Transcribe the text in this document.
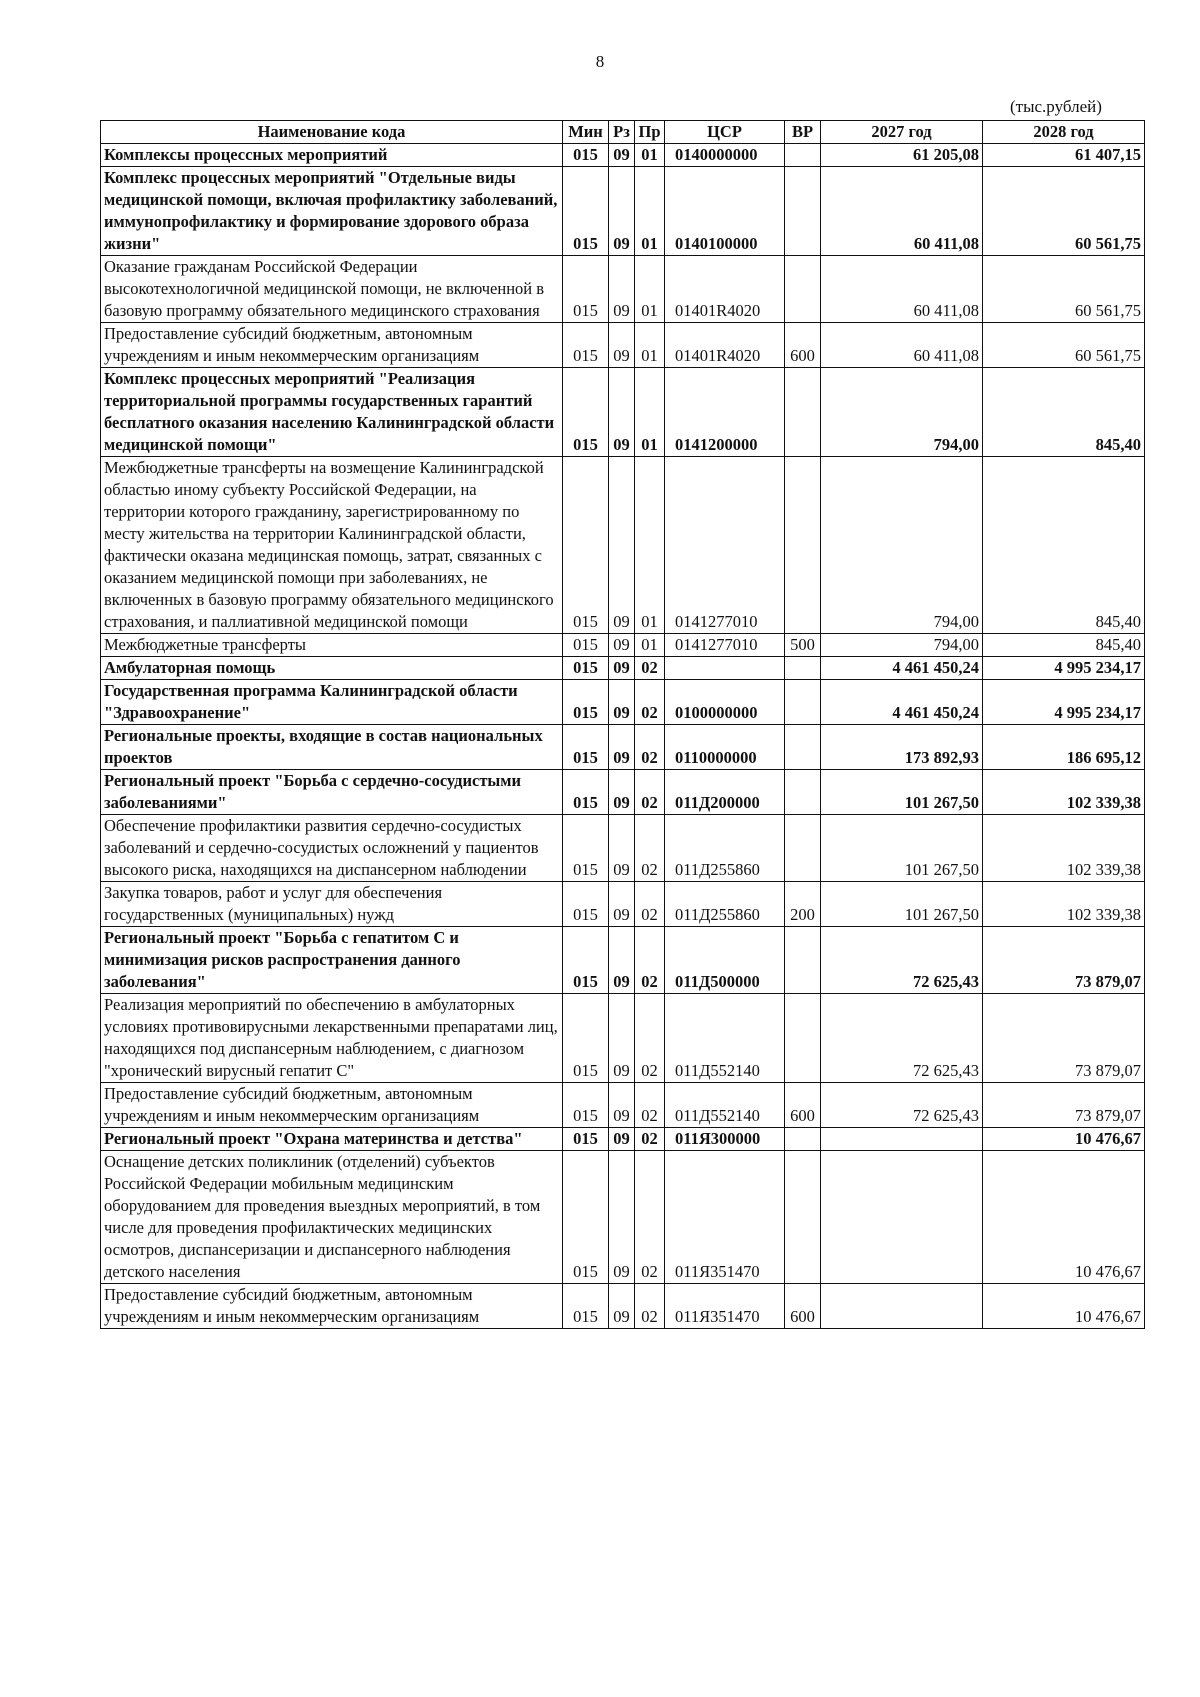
8
(тыс.рублей)
Наименование кода	Мин	Рз	Пр	ЦСР	ВР	2027 год	2028 год
Комплексы процессных мероприятий	015	09	01	0140000000		61 205,08	61 407,15
Комплекс процессных мероприятий "Отдельные виды медицинской помощи, включая профилактику заболеваний, иммунопрофилактику и формирование здорового образа жизни"	015	09	01	0140100000		60 411,08	60 561,75
Оказание гражданам Российской Федерации высокотехнологичной медицинской помощи, не включенной в базовую программу обязательного медицинского страхования	015	09	01	01401R4020		60 411,08	60 561,75
Предоставление субсидий бюджетным, автономным учреждениям и иным некоммерческим организациям	015	09	01	01401R4020	600	60 411,08	60 561,75
Комплекс процессных мероприятий "Реализация территориальной программы государственных гарантий бесплатного оказания населению Калининградской области медицинской помощи"	015	09	01	0141200000		794,00	845,40
Межбюджетные трансферты на возмещение Калининградской областью иному субъекту Российской Федерации, на территории которого гражданину, зарегистрированному по месту жительства на территории Калининградской области, фактически оказана медицинская помощь, затрат, связанных с оказанием медицинской помощи при заболеваниях, не включенных в базовую программу обязательного медицинского страхования, и паллиативной медицинской помощи	015	09	01	0141277010		794,00	845,40
Межбюджетные трансферты	015	09	01	0141277010	500	794,00	845,40
Амбулаторная помощь	015	09	02			4 461 450,24	4 995 234,17
Государственная программа Калининградской области "Здравоохранение"	015	09	02	0100000000		4 461 450,24	4 995 234,17
Региональные проекты, входящие в состав национальных проектов	015	09	02	0110000000		173 892,93	186 695,12
Региональный проект "Борьба с сердечно-сосудистыми заболеваниями"	015	09	02	011Д200000		101 267,50	102 339,38
Обеспечение профилактики развития сердечно-сосудистых заболеваний и сердечно-сосудистых осложнений у пациентов высокого риска, находящихся на диспансерном наблюдении	015	09	02	011Д255860		101 267,50	102 339,38
Закупка товаров, работ и услуг для обеспечения государственных (муниципальных) нужд	015	09	02	011Д255860	200	101 267,50	102 339,38
Региональный проект "Борьба с гепатитом С и минимизация рисков распространения данного заболевания"	015	09	02	011Д500000		72 625,43	73 879,07
Реализация мероприятий по обеспечению в амбулаторных условиях противовирусными лекарственными препаратами лиц, находящихся под диспансерным наблюдением, с диагнозом "хронический вирусный гепатит С"	015	09	02	011Д552140		72 625,43	73 879,07
Предоставление субсидий бюджетным, автономным учреждениям и иным некоммерческим организациям	015	09	02	011Д552140	600	72 625,43	73 879,07
Региональный проект "Охрана материнства и детства"	015	09	02	011Я300000			10 476,67
Оснащение детских поликлиник (отделений) субъектов Российской Федерации мобильным медицинским оборудованием для проведения выездных мероприятий, в том числе для проведения профилактических медицинских осмотров, диспансеризации и диспансерного наблюдения детского населения	015	09	02	011Я351470			10 476,67
Предоставление субсидий бюджетным, автономным учреждениям и иным некоммерческим организациям	015	09	02	011Я351470	600		10 476,67
